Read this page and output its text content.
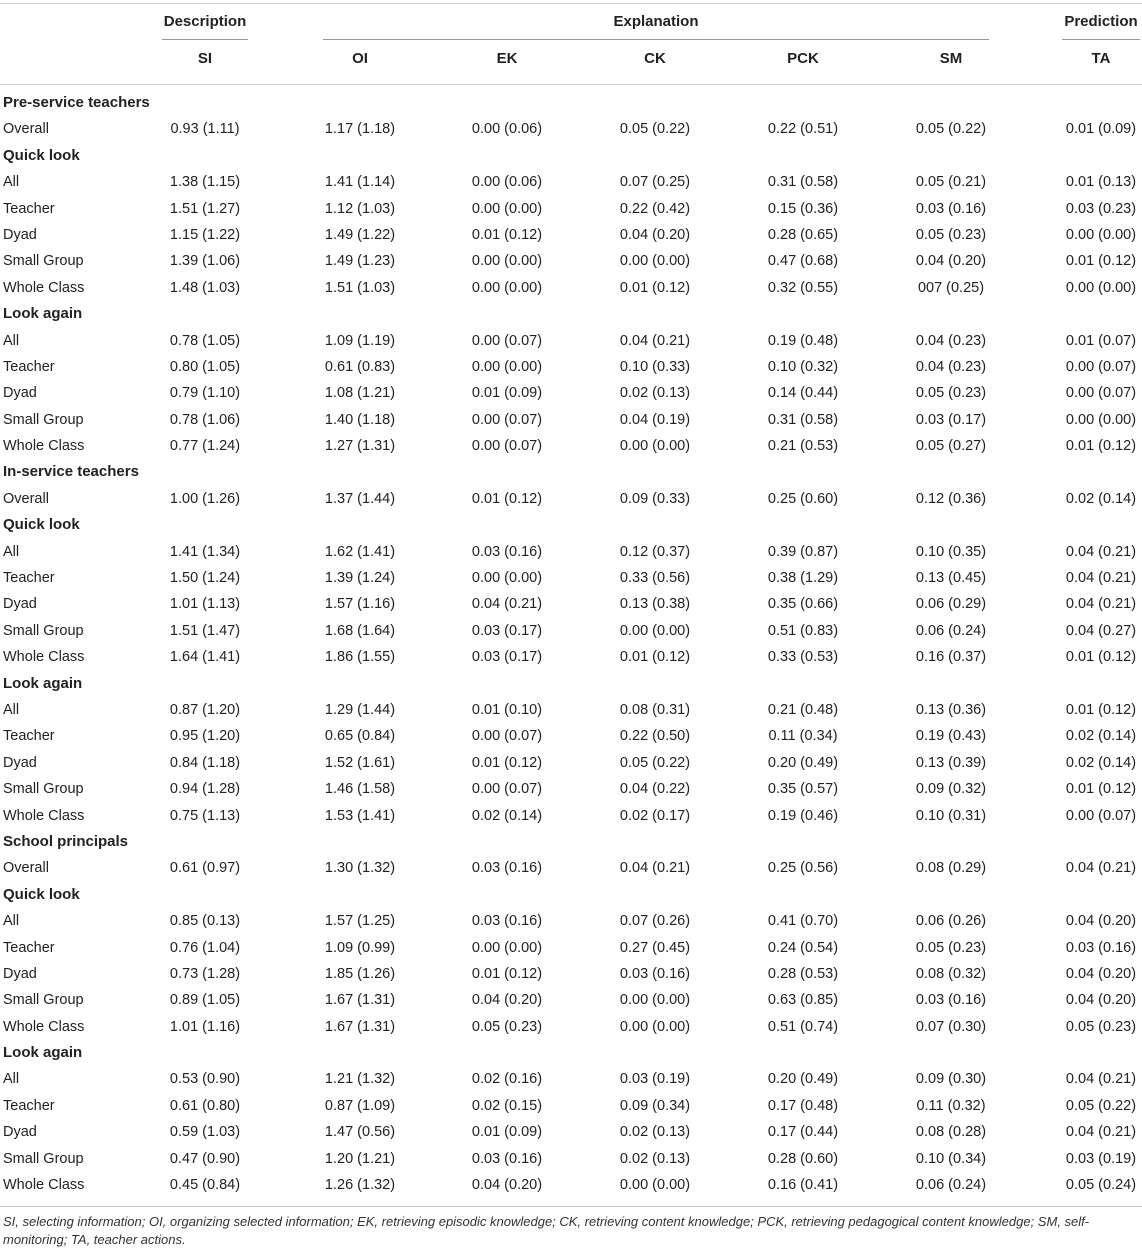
Description	Explanation	Prediction
SI	OI	EK	CK	PCK	SM	TA
Pre-service teachers
Overall	0.93 (1.11)	1.17 (1.18)	0.00 (0.06)	0.05 (0.22)	0.22 (0.51)	0.05 (0.22)	0.01 (0.09)
Quick look
All	1.38 (1.15)	1.41 (1.14)	0.00 (0.06)	0.07 (0.25)	0.31 (0.58)	0.05 (0.21)	0.01 (0.13)
Teacher	1.51 (1.27)	1.12 (1.03)	0.00 (0.00)	0.22 (0.42)	0.15 (0.36)	0.03 (0.16)	0.03 (0.23)
Dyad	1.15 (1.22)	1.49 (1.22)	0.01 (0.12)	0.04 (0.20)	0.28 (0.65)	0.05 (0.23)	0.00 (0.00)
Small Group	1.39 (1.06)	1.49 (1.23)	0.00 (0.00)	0.00 (0.00)	0.47 (0.68)	0.04 (0.20)	0.01 (0.12)
Whole Class	1.48 (1.03)	1.51 (1.03)	0.00 (0.00)	0.01 (0.12)	0.32 (0.55)	007 (0.25)	0.00 (0.00)
Look again
All	0.78 (1.05)	1.09 (1.19)	0.00 (0.07)	0.04 (0.21)	0.19 (0.48)	0.04 (0.23)	0.01 (0.07)
Teacher	0.80 (1.05)	0.61 (0.83)	0.00 (0.00)	0.10 (0.33)	0.10 (0.32)	0.04 (0.23)	0.00 (0.07)
Dyad	0.79 (1.10)	1.08 (1.21)	0.01 (0.09)	0.02 (0.13)	0.14 (0.44)	0.05 (0.23)	0.00 (0.07)
Small Group	0.78 (1.06)	1.40 (1.18)	0.00 (0.07)	0.04 (0.19)	0.31 (0.58)	0.03 (0.17)	0.00 (0.00)
Whole Class	0.77 (1.24)	1.27 (1.31)	0.00 (0.07)	0.00 (0.00)	0.21 (0.53)	0.05 (0.27)	0.01 (0.12)
In-service teachers
Overall	1.00 (1.26)	1.37 (1.44)	0.01 (0.12)	0.09 (0.33)	0.25 (0.60)	0.12 (0.36)	0.02 (0.14)
Quick look
All	1.41 (1.34)	1.62 (1.41)	0.03 (0.16)	0.12 (0.37)	0.39 (0.87)	0.10 (0.35)	0.04 (0.21)
Teacher	1.50 (1.24)	1.39 (1.24)	0.00 (0.00)	0.33 (0.56)	0.38 (1.29)	0.13 (0.45)	0.04 (0.21)
Dyad	1.01 (1.13)	1.57 (1.16)	0.04 (0.21)	0.13 (0.38)	0.35 (0.66)	0.06 (0.29)	0.04 (0.21)
Small Group	1.51 (1.47)	1.68 (1.64)	0.03 (0.17)	0.00 (0.00)	0.51 (0.83)	0.06 (0.24)	0.04 (0.27)
Whole Class	1.64 (1.41)	1.86 (1.55)	0.03 (0.17)	0.01 (0.12)	0.33 (0.53)	0.16 (0.37)	0.01 (0.12)
Look again
All	0.87 (1.20)	1.29 (1.44)	0.01 (0.10)	0.08 (0.31)	0.21 (0.48)	0.13 (0.36)	0.01 (0.12)
Teacher	0.95 (1.20)	0.65 (0.84)	0.00 (0.07)	0.22 (0.50)	0.11 (0.34)	0.19 (0.43)	0.02 (0.14)
Dyad	0.84 (1.18)	1.52 (1.61)	0.01 (0.12)	0.05 (0.22)	0.20 (0.49)	0.13 (0.39)	0.02 (0.14)
Small Group	0.94 (1.28)	1.46 (1.58)	0.00 (0.07)	0.04 (0.22)	0.35 (0.57)	0.09 (0.32)	0.01 (0.12)
Whole Class	0.75 (1.13)	1.53 (1.41)	0.02 (0.14)	0.02 (0.17)	0.19 (0.46)	0.10 (0.31)	0.00 (0.07)
School principals
Overall	0.61 (0.97)	1.30 (1.32)	0.03 (0.16)	0.04 (0.21)	0.25 (0.56)	0.08 (0.29)	0.04 (0.21)
Quick look
All	0.85 (0.13)	1.57 (1.25)	0.03 (0.16)	0.07 (0.26)	0.41 (0.70)	0.06 (0.26)	0.04 (0.20)
Teacher	0.76 (1.04)	1.09 (0.99)	0.00 (0.00)	0.27 (0.45)	0.24 (0.54)	0.05 (0.23)	0.03 (0.16)
Dyad	0.73 (1.28)	1.85 (1.26)	0.01 (0.12)	0.03 (0.16)	0.28 (0.53)	0.08 (0.32)	0.04 (0.20)
Small Group	0.89 (1.05)	1.67 (1.31)	0.04 (0.20)	0.00 (0.00)	0.63 (0.85)	0.03 (0.16)	0.04 (0.20)
Whole Class	1.01 (1.16)	1.67 (1.31)	0.05 (0.23)	0.00 (0.00)	0.51 (0.74)	0.07 (0.30)	0.05 (0.23)
Look again
All	0.53 (0.90)	1.21 (1.32)	0.02 (0.16)	0.03 (0.19)	0.20 (0.49)	0.09 (0.30)	0.04 (0.21)
Teacher	0.61 (0.80)	0.87 (1.09)	0.02 (0.15)	0.09 (0.34)	0.17 (0.48)	0.11 (0.32)	0.05 (0.22)
Dyad	0.59 (1.03)	1.47 (0.56)	0.01 (0.09)	0.02 (0.13)	0.17 (0.44)	0.08 (0.28)	0.04 (0.21)
Small Group	0.47 (0.90)	1.20 (1.21)	0.03 (0.16)	0.02 (0.13)	0.28 (0.60)	0.10 (0.34)	0.03 (0.19)
Whole Class	0.45 (0.84)	1.26 (1.32)	0.04 (0.20)	0.00 (0.00)	0.16 (0.41)	0.06 (0.24)	0.05 (0.24)
SI, selecting information; OI, organizing selected information; EK, retrieving episodic knowledge; CK, retrieving content knowledge; PCK, retrieving pedagogical content knowledge; SM, self-monitoring; TA, teacher actions.
